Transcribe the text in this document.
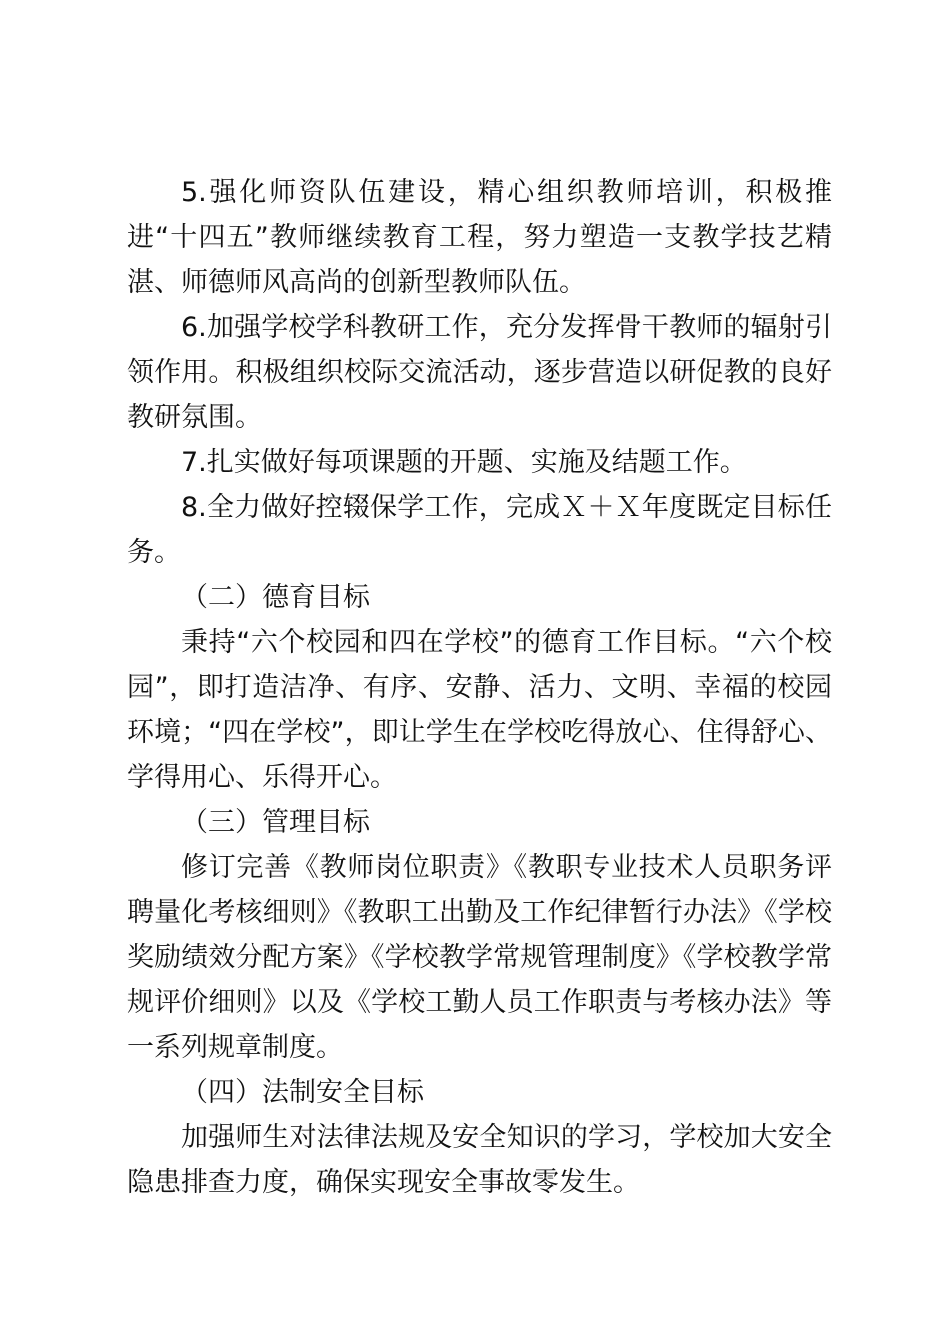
5.强化师资队伍建设，精心组织教师培训，积极推进“十四五”教师继续教育工程，努力塑造一支教学技艺精湛、师德师风高尚的创新型教师队伍。

6.加强学校学科教研工作，充分发挥骨干教师的辐射引领作用。积极组织校际交流活动，逐步营造以研促教的良好教研氛围。

7.扎实做好每项课题的开题、实施及结题工作。

8.全力做好控辍保学工作，完成Ｘ＋Ｘ年度既定目标任务。

（二）德育目标

秉持“六个校园和四在学校”的德育工作目标。“六个校园”，即打造洁净、有序、安静、活力、文明、幸福的校园环境；“四在学校”，即让学生在学校吃得放心、住得舒心、学得用心、乐得开心。

（三）管理目标

修订完善《教师岗位职责》《教职专业技术人员职务评聘量化考核细则》《教职工出勤及工作纪律暂行办法》《学校奖励绩效分配方案》《学校教学常规管理制度》《学校教学常规评价细则》以及《学校工勤人员工作职责与考核办法》等一系列规章制度。

（四）法制安全目标

加强师生对法律法规及安全知识的学习，学校加大安全隐患排查力度，确保实现安全事故零发生。
